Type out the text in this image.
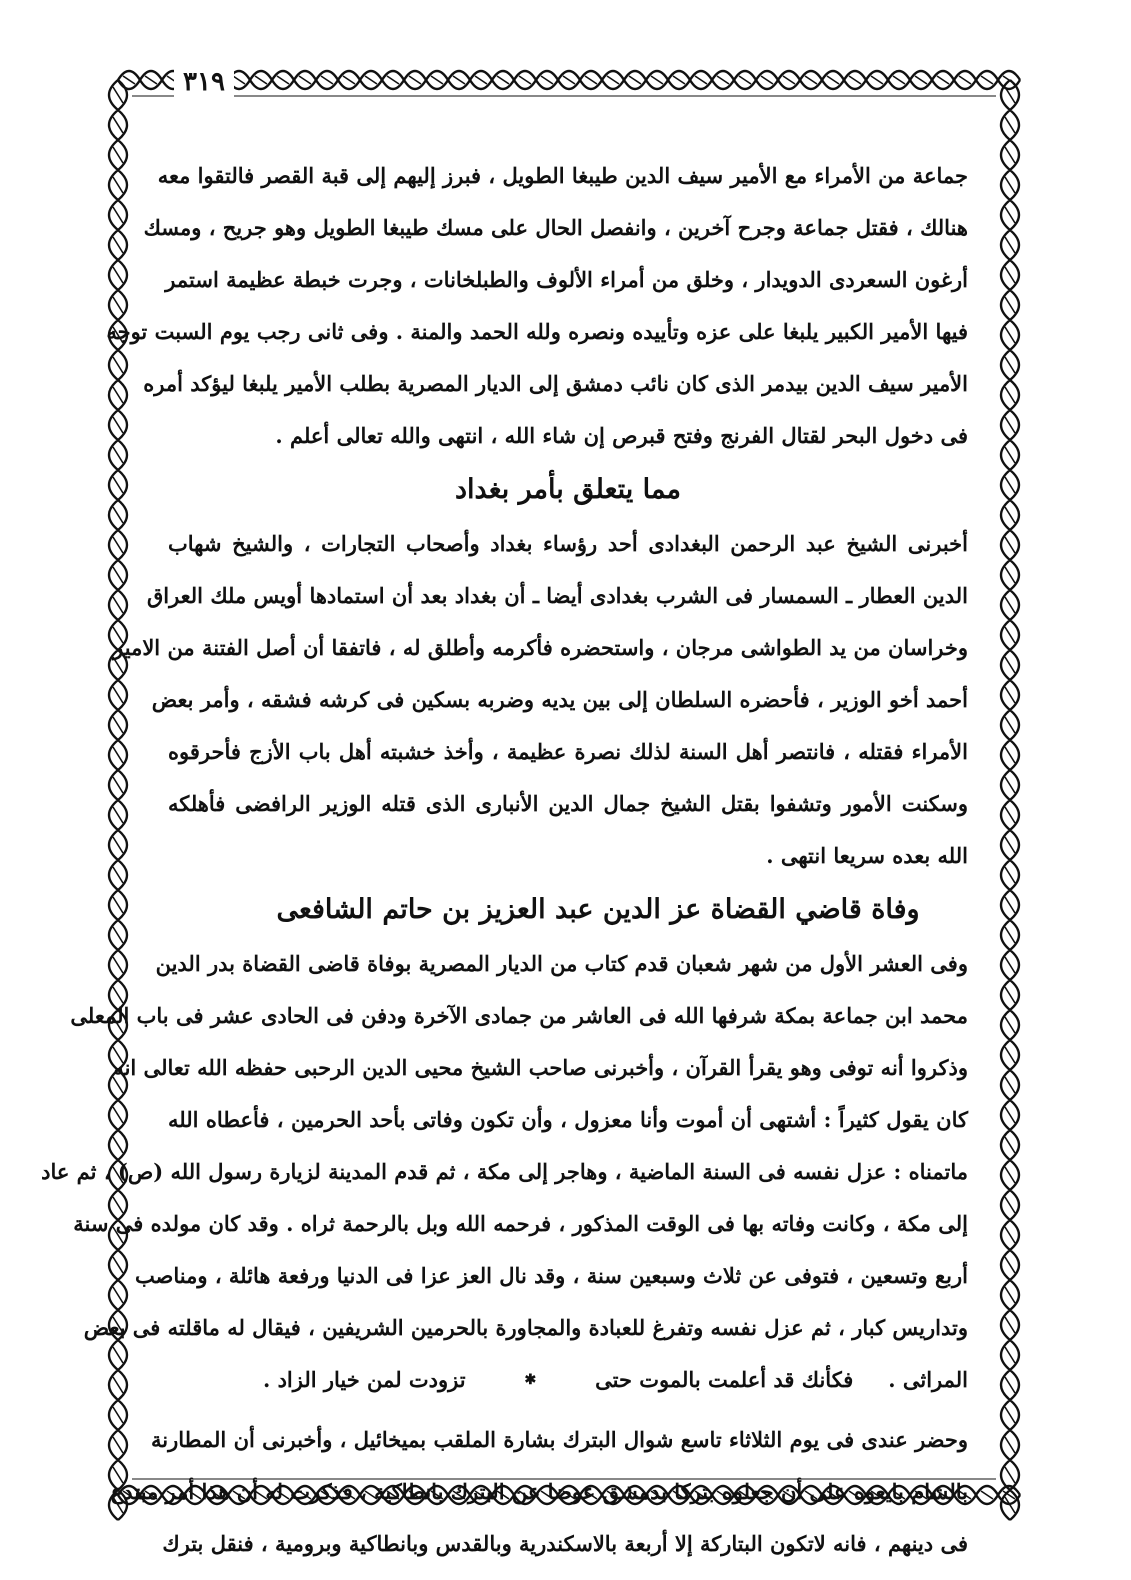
٣١٩
جماعة من الأمراء مع الأمير سيف الدين طيبغا الطويل ، فبرز إليهم إلى قبة القصر فالتقوا معه
هنالك ، فقتل جماعة وجرح آخرين ، وانفصل الحال على مسك طيبغا الطويل وهو جريح ، ومسك
أرغون السعردى الدويدار ، وخلق من أمراء الألوف والطبلخانات ، وجرت خبطة عظيمة استمر
فيها الأمير الكبير يلبغا على عزه وتأييده ونصره ولله الحمد والمنة . وفى ثانى رجب يوم السبت توجه
الأمير سيف الدين بيدمر الذى كان نائب دمشق إلى الديار المصرية بطلب الأمير يلبغا ليؤكد أمره
فى دخول البحر لقتال الفرنج وفتح قبرص إن شاء الله ، انتهى والله تعالى أعلم .
مما يتعلق بأمر بغداد
أخبرنى الشيخ عبد الرحمن البغدادى أحد رؤساء بغداد وأصحاب التجارات ، والشيخ شهاب
الدين العطار ـ السمسار فى الشرب بغدادى أيضا ـ أن بغداد بعد أن استمادها أويس ملك العراق
وخراسان من يد الطواشى مرجان ، واستحضره فأكرمه وأطلق له ، فاتفقا أن أصل الفتنة من الامير
أحمد أخو الوزير ، فأحضره السلطان إلى بين يديه وضربه بسكين فى كرشه فشقه ، وأمر بعض
الأمراء فقتله ، فانتصر أهل السنة لذلك نصرة عظيمة ، وأخذ خشبته أهل باب الأزج فأحرقوه
وسكنت الأمور وتشفوا بقتل الشيخ جمال الدين الأنبارى الذى قتله الوزير الرافضى فأهلكه
الله بعده سريعا انتهى .
وفاة قاضي القضاة عز الدين عبد العزيز بن حاتم الشافعى
وفى العشر الأول من شهر شعبان قدم كتاب من الديار المصرية بوفاة قاضى القضاة بدر الدين
محمد ابن جماعة بمكة شرفها الله فى العاشر من جمادى الآخرة ودفن فى الحادى عشر فى باب المعلى
وذكروا أنه توفى وهو يقرأ القرآن ، وأخبرنى صاحب الشيخ محيى الدين الرحبى حفظه الله تعالى انه
كان يقول كثيراً : أشتهى أن أموت وأنا معزول ، وأن تكون وفاتى بأحد الحرمين ، فأعطاه الله
ماتمناه : عزل نفسه فى السنة الماضية ، وهاجر إلى مكة ، ثم قدم المدينة لزيارة رسول الله (ص) ، ثم عاد
إلى مكة ، وكانت وفاته بها فى الوقت المذكور ، فرحمه الله وبل بالرحمة ثراه . وقد كان مولده فى سنة
أربع وتسعين ، فتوفى عن ثلاث وسبعين سنة ، وقد نال العز عزا فى الدنيا ورفعة هائلة ، ومناصب
وتداريس كبار ، ثم عزل نفسه وتفرغ للعبادة والمجاورة بالحرمين الشريفين ، فيقال له ماقلته فى بعض
المراثى .
فكأنك قد أعلمت بالموت حتى
✱
تزودت لمن خيار الزاد .
وحضر عندى فى يوم الثلاثاء تاسع شوال البترك بشارة الملقب بميخائيل ، وأخبرنى أن المطارنة
بالشام بايعوه على أن جعلوه بتركا بدمشق عوضا عن البترك بانطاكية ، فذكرت له أن هذا أمر مبتدع
فى دينهم ، فانه لاتكون البتاركة إلا أربعة بالاسكندرية وبالقدس وبانطاكية وبرومية ، فنقل بترك
